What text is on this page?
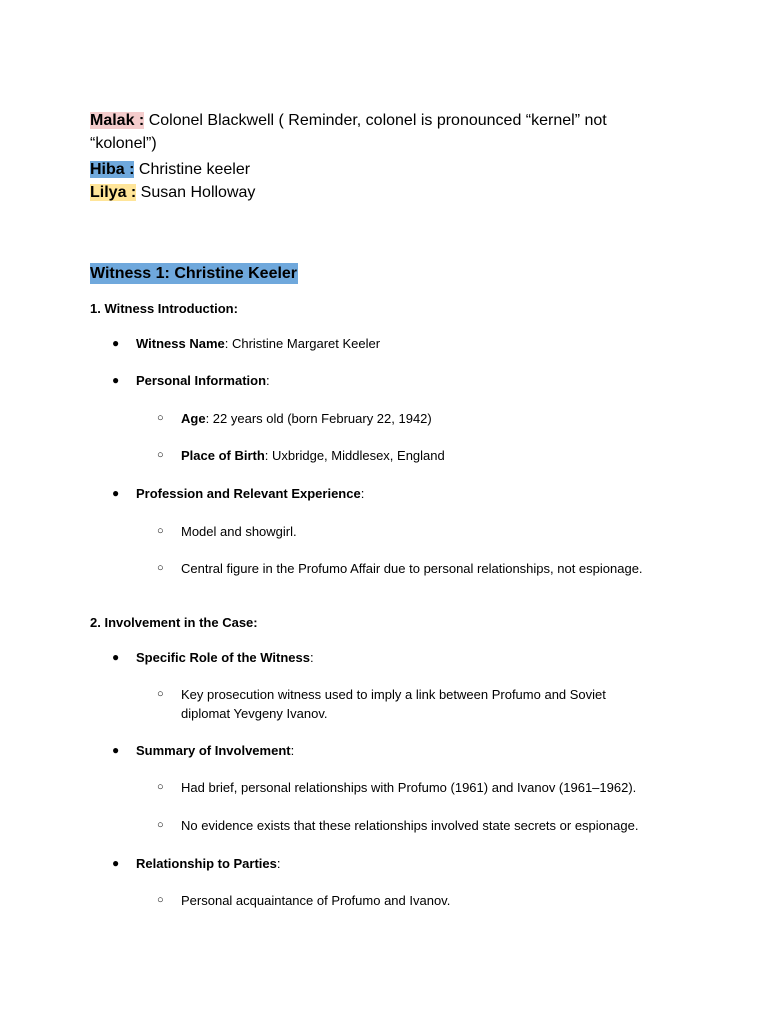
Malak : Colonel Blackwell ( Reminder, colonel is pronounced “kernel” not “kolonel”)

Hiba : Christine keeler

Lilya : Susan Holloway

Witness 1: Christine Keeler
1. Witness Introduction:
● Witness Name: Christine Margaret Keeler
● Personal Information:
○ Age: 22 years old (born February 22, 1942)
○ Place of Birth: Uxbridge, Middlesex, England
● Profession and Relevant Experience:
○ Model and showgirl.
○ Central figure in the Profumo Affair due to personal relationships, not espionage.
2. Involvement in the Case:
● Specific Role of the Witness:
○ Key prosecution witness used to imply a link between Profumo and Soviet diplomat Yevgeny Ivanov.
● Summary of Involvement:
○ Had brief, personal relationships with Profumo (1961) and Ivanov (1961–1962).
○ No evidence exists that these relationships involved state secrets or espionage.
● Relationship to Parties:
○ Personal acquaintance of Profumo and Ivanov.
